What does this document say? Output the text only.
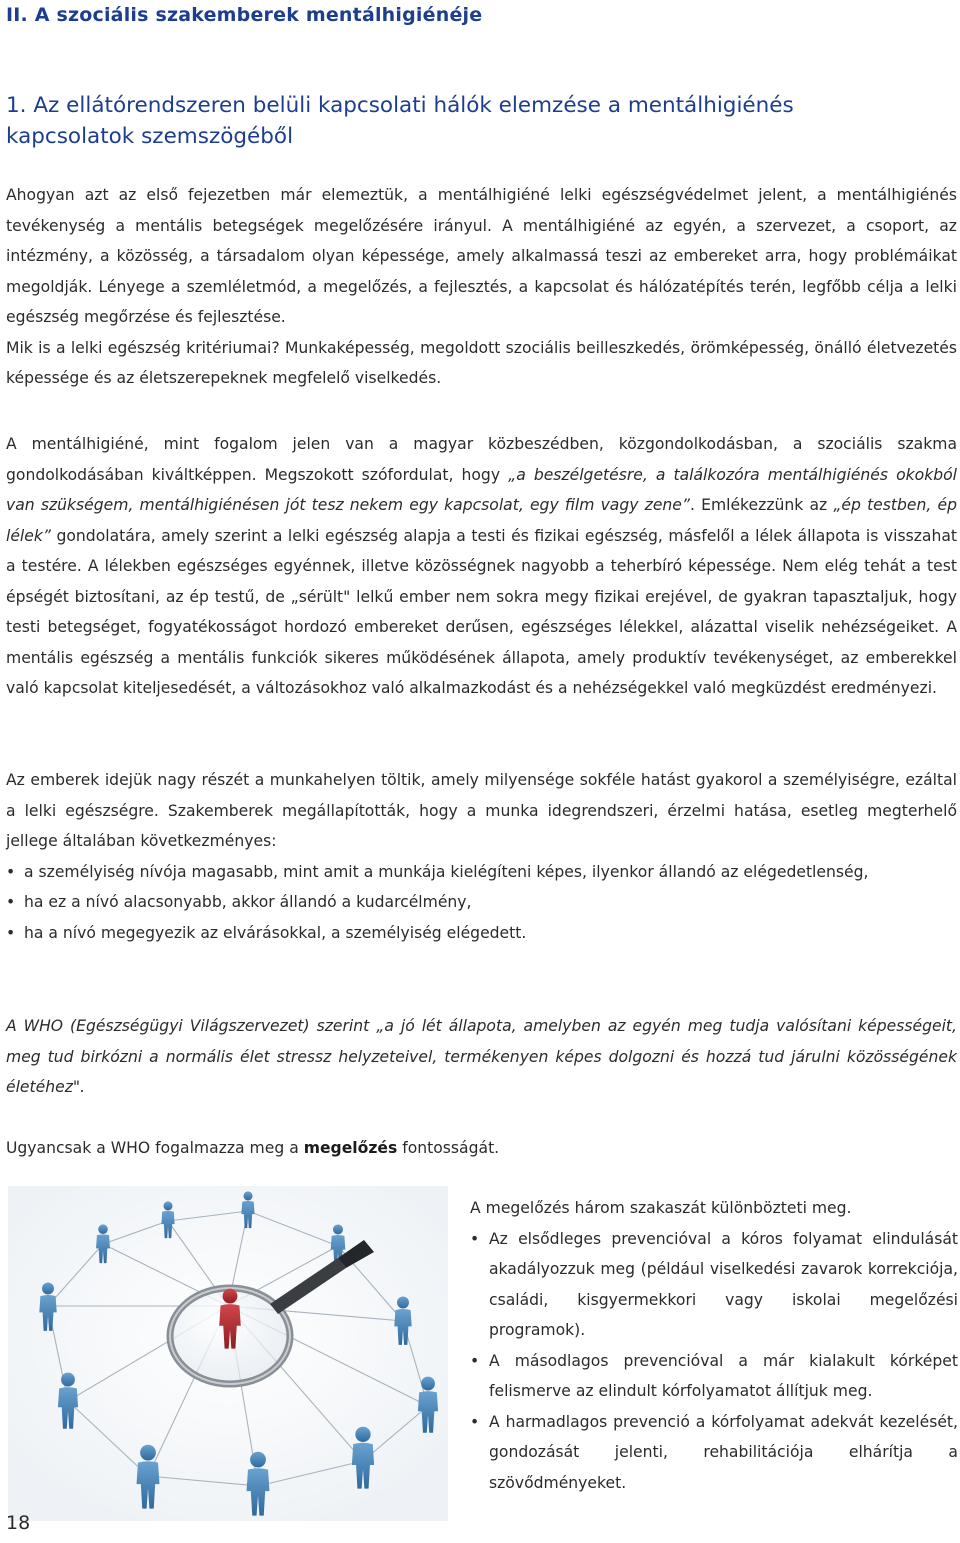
II. A szociális szakemberek mentálhigiénéje
1. Az ellátórendszeren belüli kapcsolati hálók elemzése a mentálhigiénés kapcsolatok szemszögéből
Ahogyan azt az első fejezetben már elemeztük, a mentálhigiéné lelki egészségvédelmet jelent, a mentálhigiénés tevékenység a mentális betegségek megelőzésére irányul. A mentálhigiéné az egyén, a szervezet, a csoport, az intézmény, a közösség, a társadalom olyan képessége, amely alkalmassá teszi az embereket arra, hogy problémáikat megoldják. Lényege a szemléletmód, a megelőzés, a fejlesztés, a kapcsolat és hálózatépítés terén, legfőbb célja a lelki egészség megőrzése és fejlesztése.
Mik is a lelki egészség kritériumai? Munkaképesség, megoldott szociális beilleszkedés, örömképesség, önálló életvezetés képessége és az életszerepeknek megfelelő viselkedés.
A mentálhigiéné, mint fogalom jelen van a magyar közbeszédben, közgondolkodásban, a szociális szakma gondolkodásában kiváltképpen. Megszokott szófordulat, hogy „a beszélgetésre, a találkozóra mentálhigiénés okokból van szükségem, mentálhigiénésen jót tesz nekem egy kapcsolat, egy film vagy zene”. Emlékezzünk az „ép testben, ép lélek” gondolatára, amely szerint a lelki egészség alapja a testi és fizikai egészség, másfelől a lélek állapota is visszahat a testére. A lélekben egészséges egyénnek, illetve közösségnek nagyobb a teherbíró képessége. Nem elég tehát a test épségét biztosítani, az ép testű, de „sérült" lelkű ember nem sokra megy fizikai erejével, de gyakran tapasztaljuk, hogy testi betegséget, fogyatékosságot hordozó embereket derűsen, egészséges lélekkel, alázattal viselik nehézségeiket. A mentális egészség a mentális funkciók sikeres működésének állapota, amely produktív tevékenységet, az emberekkel való kapcsolat kiteljesedését, a változásokhoz való alkalmazkodást és a nehézségekkel való megküzdést eredményezi.
Az emberek idejük nagy részét a munkahelyen töltik, amely milyensége sokféle hatást gyakorol a személyiségre, ezáltal a lelki egészségre. Szakemberek megállapították, hogy a munka idegrendszeri, érzelmi hatása, esetleg megterhelő jellege általában következményes:
• a személyiség nívója magasabb, mint amit a munkája kielégíteni képes, ilyenkor állandó az elégedetlenség,
• ha ez a nívó alacsonyabb, akkor állandó a kudarcélmény,
• ha a nívó megegyezik az elvárásokkal, a személyiség elégedett.
A WHO (Egészségügyi Világszervezet) szerint „a jó lét állapota, amelyben az egyén meg tudja valósítani képességeit, meg tud birkózni a normális élet stressz helyzeteivel, termékenyen képes dolgozni és hozzá tud járulni közösségének életéhez".
Ugyancsak a WHO fogalmazza meg a megelőzés fontosságát.

A megelőzés három szakaszát különbözteti meg.

• Az elsődleges prevencióval a kóros folyamat elindulását akadályozzuk meg (például viselkedési zavarok korrekciója, családi, kisgyermekkori vagy iskolai megelőzési programok).
• A másodlagos prevencióval a már kialakult kórképet felismerve az elindult kórfolyamatot állítjuk meg.
• A harmadlagos prevenció a kórfolyamat adekvát kezelését, gondozását jelenti, rehabilitációja elhárítja a szövődményeket.
18
